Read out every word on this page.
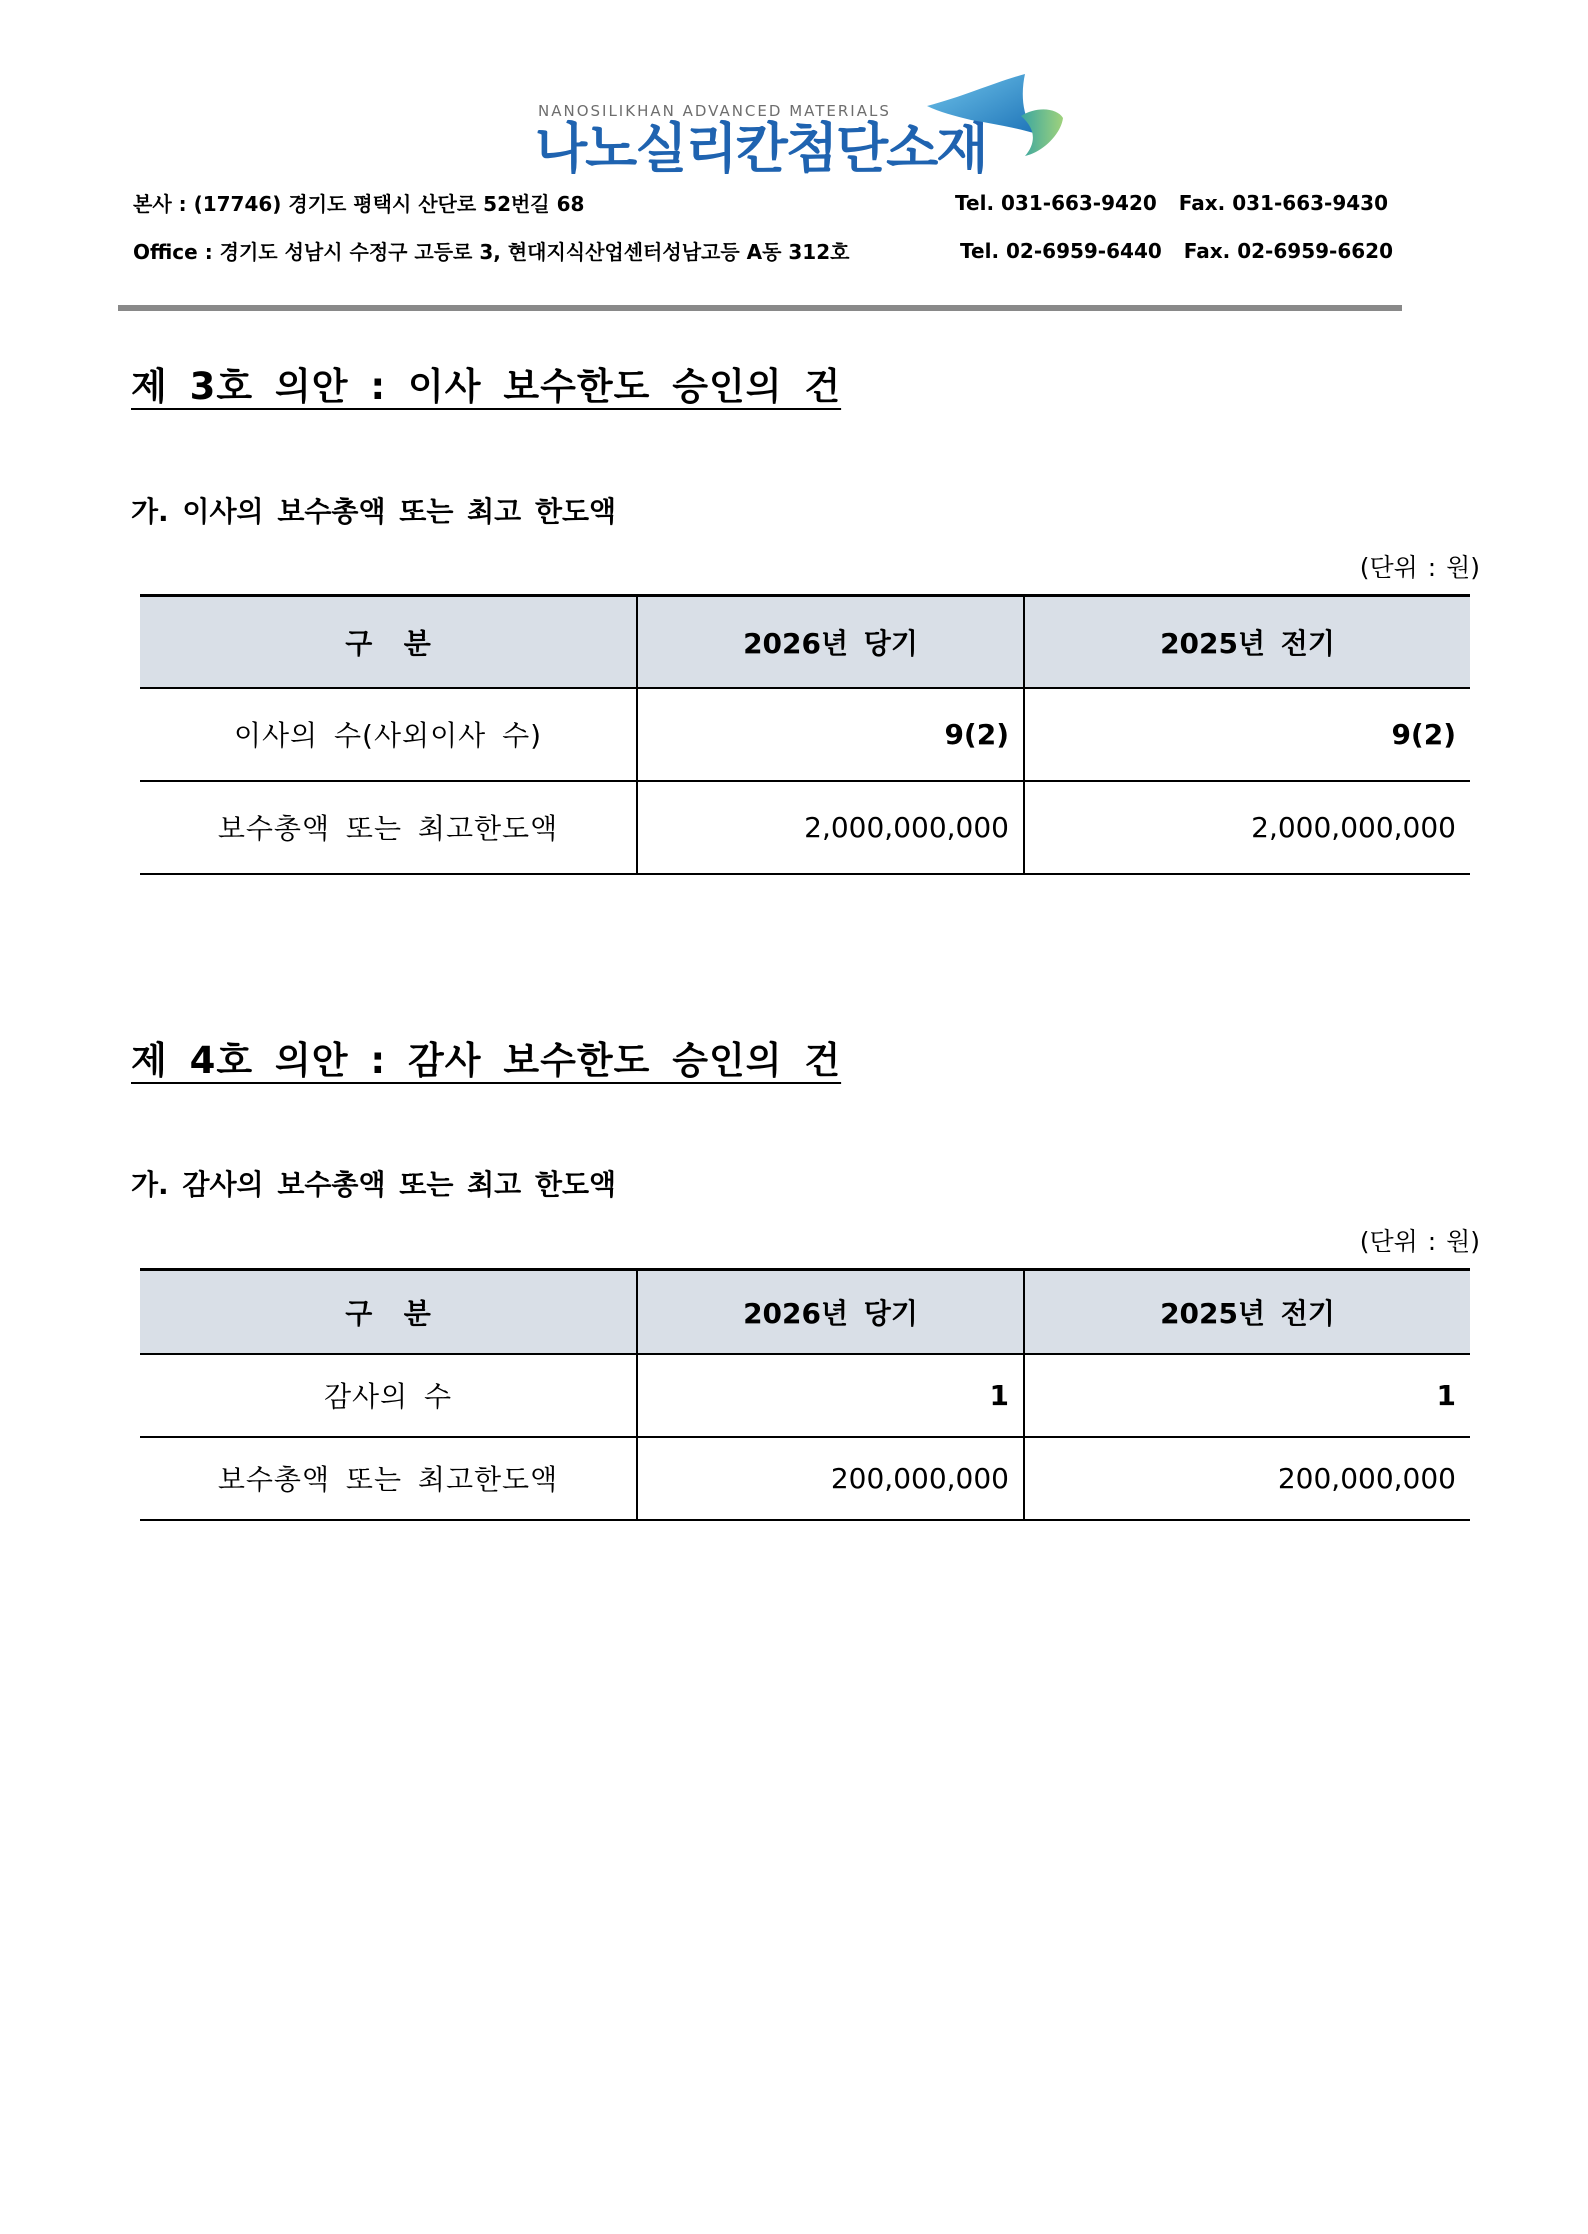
NANOSILIKHAN ADVANCED MATERIALS
나노실리칸첨단소재
본사 : (17746) 경기도 평택시 산단로 52번길 68	Tel. 031-663-9420 Fax. 031-663-9430
Office : 경기도 성남시 수정구 고등로 3, 현대지식산업센터성남고등 A동 312호	Tel. 02-6959-6440 Fax. 02-6959-6620
제 3호 의안 : 이사 보수한도 승인의 건
가. 이사의 보수총액 또는 최고 한도액
(단위 : 원)
구  분	2026년 당기	2025년 전기
이사의 수(사외이사 수)	9(2)	9(2)
보수총액 또는 최고한도액	2,000,000,000	2,000,000,000
제 4호 의안 : 감사 보수한도 승인의 건
가. 감사의 보수총액 또는 최고 한도액
(단위 : 원)
구  분	2026년 당기	2025년 전기
감사의 수	1	1
보수총액 또는 최고한도액	200,000,000	200,000,000
